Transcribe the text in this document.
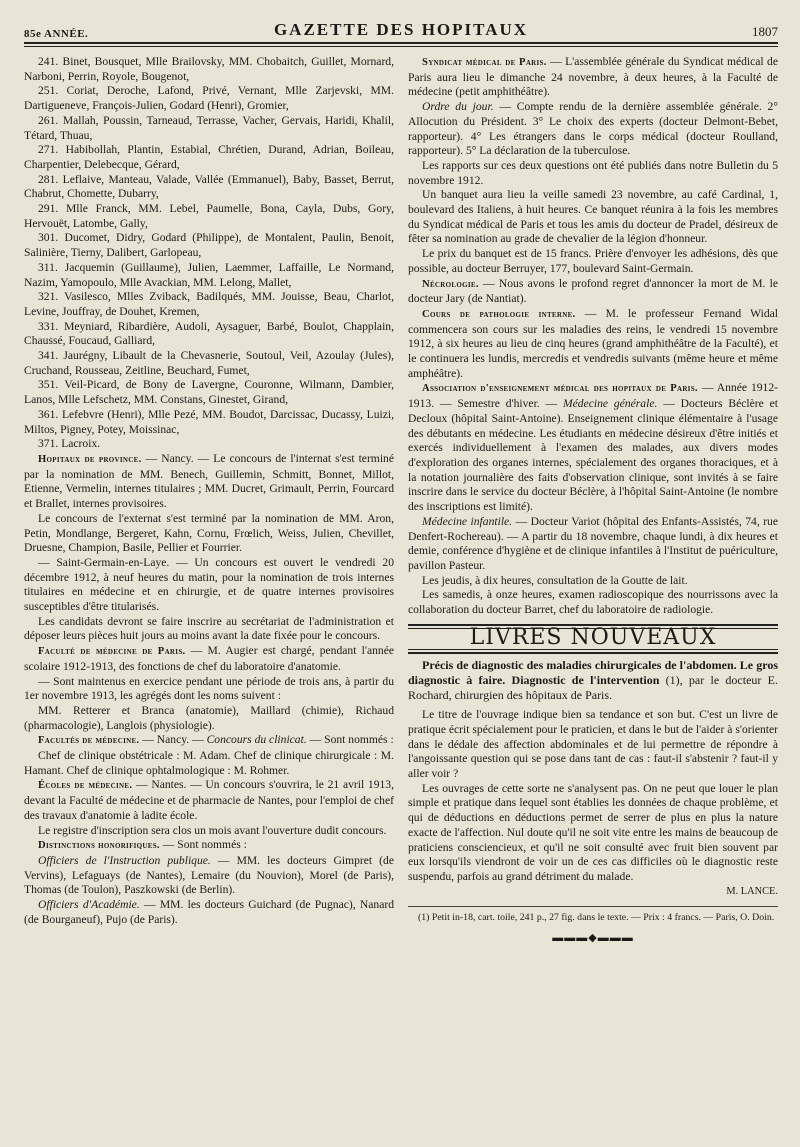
85e ANNÉE.	GAZETTE DES HOPITAUX	1807

241. Binet, Bousquet, Mlle Brailovsky, MM. Chobaitch, Guillet, Mornard, Narboni, Perrin, Royole, Bougenot,

251. Coriat, Deroche, Lafond, Privé, Vernant, Mlle Zarjevski, MM. Dartigueneve, François-Julien, Godard (Henri), Gromier,

261. Mallah, Poussin, Tarneaud, Terrasse, Vacher, Gervais, Haridi, Khalil, Tétard, Thuau,

271. Habibollah, Plantin, Estabial, Chrétien, Durand, Adrian, Boileau, Charpentier, Delebecque, Gérard,

281. Leflaive, Manteau, Valade, Vallée (Emmanuel), Baby, Basset, Berrut, Chabrut, Chomette, Dubarry,

291. Mlle Franck, MM. Lebel, Paumelle, Bona, Cayla, Dubs, Gory, Hervouët, Latombe, Gally,

301. Ducomet, Didry, Godard (Philippe), de Montalent, Paulin, Benoit, Salinière, Tierny, Dalibert, Garlopeau,

311. Jacquemin (Guillaume), Julien, Laemmer, Laffaille, Le Normand, Nazim, Yamopoulo, Mlle Avackian, MM. Lelong, Mallet,

321. Vasilesco, Mlles Zviback, Badilqués, MM. Jouisse, Beau, Charlot, Levine, Jouffray, de Douhet, Kremen,

331. Meyniard, Ribardière, Audoli, Aysaguer, Barbé, Boulot, Chapplain, Chaussé, Foucaud, Galliard,

341. Jaurégny, Libault de la Chevasnerie, Soutoul, Veil, Azoulay (Jules), Cruchand, Rousseau, Zeitline, Beuchard, Fumet,

351. Veil-Picard, de Bony de Lavergne, Couronne, Wilmann, Dambier, Lanos, Mlle Lefschetz, MM. Constans, Ginestet, Girand,

361. Lefebvre (Henri), Mlle Pezé, MM. Boudot, Darcissac, Ducassy, Luizi, Miltos, Pigney, Potey, Moissinac,

371. Lacroix.

Hopitaux de province. — Nancy. — Le concours de l'internat s'est terminé par la nomination de MM. Benech, Guillemin, Schmitt, Bonnet, Millot, Etienne, Vermelin, internes titulaires ; MM. Ducret, Grimault, Perrin, Fourcard et Brallet, internes provisoires.

Le concours de l'externat s'est terminé par la nomination de MM. Aron, Petin, Mondlange, Bergeret, Kahn, Cornu, Frœlich, Weiss, Julien, Chevillet, Druesne, Champion, Basile, Pellier et Fourrier.

— Saint-Germain-en-Laye. — Un concours est ouvert le vendredi 20 décembre 1912, à neuf heures du matin, pour la nomination de trois internes titulaires en médecine et en chirurgie, et de quatre internes provisoires susceptibles d'être titularisés.

Les candidats devront se faire inscrire au secrétariat de l'administration et déposer leurs pièces huit jours au moins avant la date fixée pour le concours.

Faculté de médecine de Paris. — M. Augier est chargé, pendant l'année scolaire 1912-1913, des fonctions de chef du laboratoire d'anatomie.

— Sont maintenus en exercice pendant une période de trois ans, à partir du 1er novembre 1913, les agrégés dont les noms suivent :

MM. Retterer et Branca (anatomie), Maillard (chimie), Richaud (pharmacologie), Langlois (physiologie).

Facultés de médecine. — Nancy. — Concours du clinicat. — Sont nommés :

Chef de clinique obstétricale : M. Adam. Chef de clinique chirurgicale : M. Hamant. Chef de clinique ophtalmologique : M. Rohmer.

Écoles de médecine. — Nantes. — Un concours s'ouvrira, le 21 avril 1913, devant la Faculté de médecine et de pharmacie de Nantes, pour l'emploi de chef des travaux d'anatomie à ladite école.

Le registre d'inscription sera clos un mois avant l'ouverture dudit concours.

Distinctions honorifiques. — Sont nommés :

Officiers de l'Instruction publique. — MM. les docteurs Gimpret (de Vervins), Lefaguays (de Nantes), Lemaire (du Nouvion), Morel (de Paris), Thomas (de Toulon), Paszkowski (de Berlin).

Officiers d'Académie. — MM. les docteurs Guichard (de Pugnac), Nanard (de Bourganeuf), Pujo (de Paris).

Syndicat médical de Paris. — L'assemblée générale du Syndicat médical de Paris aura lieu le dimanche 24 novembre, à deux heures, à la Faculté de médecine (petit amphithéâtre).

Ordre du jour. — Compte rendu de la dernière assemblée générale. 2° Allocution du Président. 3° Le choix des experts (docteur Delmont-Bebet, rapporteur). 4° Les étrangers dans le corps médical (docteur Roulland, rapporteur). 5° La déclaration de la tuberculose.

Les rapports sur ces deux questions ont été publiés dans notre Bulletin du 5 novembre 1912.

Un banquet aura lieu la veille samedi 23 novembre, au café Cardinal, 1, boulevard des Italiens, à huit heures. Ce banquet réunira à la fois les membres du Syndicat médical de Paris et tous les amis du docteur de Pradel, désireux de fêter sa nomination au grade de chevalier de la légion d'honneur.

Le prix du banquet est de 15 francs. Prière d'envoyer les adhésions, dès que possible, au docteur Berruyer, 177, boulevard Saint-Germain.

Nécrologie. — Nous avons le profond regret d'annoncer la mort de M. le docteur Jary (de Nantiat).

Cours de pathologie interne. — M. le professeur Fernand Widal commencera son cours sur les maladies des reins, le vendredi 15 novembre 1912, à six heures au lieu de cinq heures (grand amphithéâtre de la Faculté), et le continuera les lundis, mercredis et vendredis suivants (même heure et même amphéâtre).

Association d'enseignement médical des hopitaux de Paris. — Année 1912-1913. — Semestre d'hiver. — Médecine générale. — Docteurs Béclère et Decloux (hôpital Saint-Antoine). Enseignement clinique élémentaire à l'usage des débutants en médecine. Les étudiants en médecine désireux d'être initiés et exercés individuellement à l'examen des malades, aux divers modes d'exploration des organes internes, spécialement des organes thoraciques, et à la notation journalière des faits d'observation clinique, sont invités à se faire inscrire dans le service du docteur Béclère, à l'hôpital Saint-Antoine (le nombre des inscriptions est limité).

Médecine infantile. — Docteur Variot (hôpital des Enfants-Assistés, 74, rue Denfert-Rochereau). — A partir du 18 novembre, chaque lundi, à dix heures et demie, conférence d'hygiène et de clinique infantiles à l'Institut de puériculture, pavillon Pasteur.

Les jeudis, à dix heures, consultation de la Goutte de lait.

Les samedis, à onze heures, examen radioscopique des nourrissons avec la collaboration du docteur Barret, chef du laboratoire de radiologie.

LIVRES NOUVEAUX

Précis de diagnostic des maladies chirurgicales de l'abdomen. Le gros diagnostic à faire. Diagnostic de l'intervention (1), par le docteur E. Rochard, chirurgien des hôpitaux de Paris.

Le titre de l'ouvrage indique bien sa tendance et son but. C'est un livre de pratique écrit spécialement pour le praticien, et dans le but de l'aider à s'orienter dans le dédale des affection abdominales et de lui permettre de répondre à l'angoissante question qui se pose dans tant de cas : faut-il s'abstenir ? faut-il y aller voir ?

Les ouvrages de cette sorte ne s'analysent pas. On ne peut que louer le plan simple et pratique dans lequel sont établies les données de chaque problème, et qui de déductions en déductions permet de serrer de plus en plus la nature exacte de l'affection. Nul doute qu'il ne soit vite entre les mains de beaucoup de praticiens consciencieux, et qu'il ne soit consulté avec fruit bien souvent par eux lorsqu'ils viendront de voir un de ces cas difficiles où le diagnostic reste suspendu, parfois au grand détriment du malade.

M. LANCE.

(1) Petit in-18, cart. toile, 241 p., 27 fig. dans le texte. — Prix : 4 francs. — Paris, O. Doin.

▬▬▬◆▬▬▬
